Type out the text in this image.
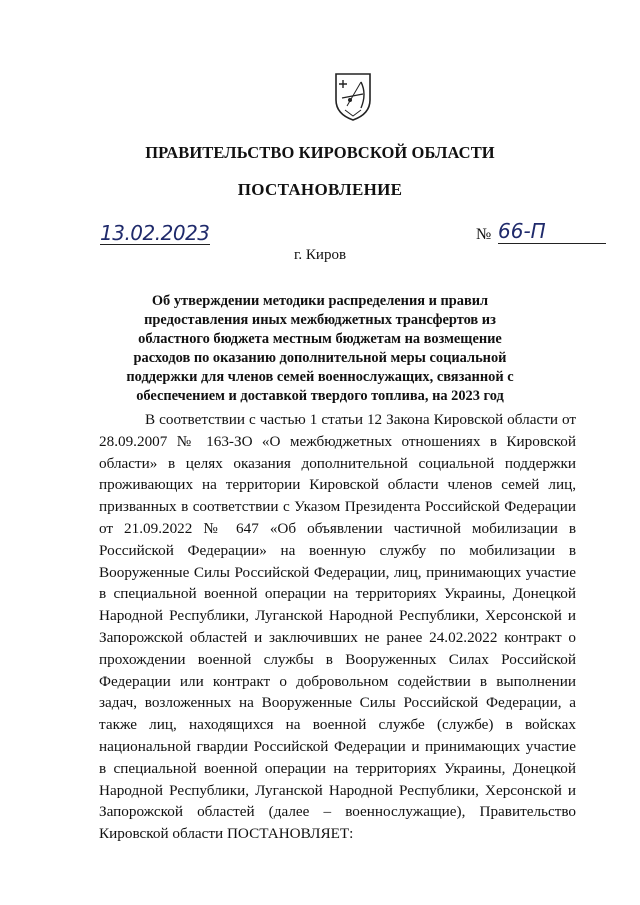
ПРАВИТЕЛЬСТВО КИРОВСКОЙ ОБЛАСТИ
ПОСТАНОВЛЕНИЕ
13.02.2023	№ 66-П
г. Киров
Об утверждении методики распределения и правил предоставления иных межбюджетных трансфертов из областного бюджета местным бюджетам на возмещение расходов по оказанию дополнительной меры социальной поддержки для членов семей военнослужащих, связанной с обеспечением и доставкой твердого топлива, на 2023 год

В соответствии с частью 1 статьи 12 Закона Кировской области от 28.09.2007 № 163-ЗО «О межбюджетных отношениях в Кировской области» в целях оказания дополнительной социальной поддержки проживающих на территории Кировской области членов семей лиц, призванных в соответствии с Указом Президента Российской Федерации от 21.09.2022 № 647 «Об объявлении частичной мобилизации в Российской Федерации» на военную службу по мобилизации в Вооруженные Силы Российской Федерации, лиц, принимающих участие в специальной военной операции на территориях Украины, Донецкой Народной Республики, Луганской Народной Республики, Херсонской и Запорожской областей и заключивших не ранее 24.02.2022 контракт о прохождении военной службы в Вооруженных Силах Российской Федерации или контракт о добровольном содействии в выполнении задач, возложенных на Вооруженные Силы Российской Федерации, а также лиц, находящихся на военной службе (службе) в войсках национальной гвардии Российской Федерации и принимающих участие в специальной военной операции на территориях Украины, Донецкой Народной Республики, Луганской Народной Республики, Херсонской и Запорожской областей (далее – военнослужащие), Правительство Кировской области ПОСТАНОВЛЯЕТ:
